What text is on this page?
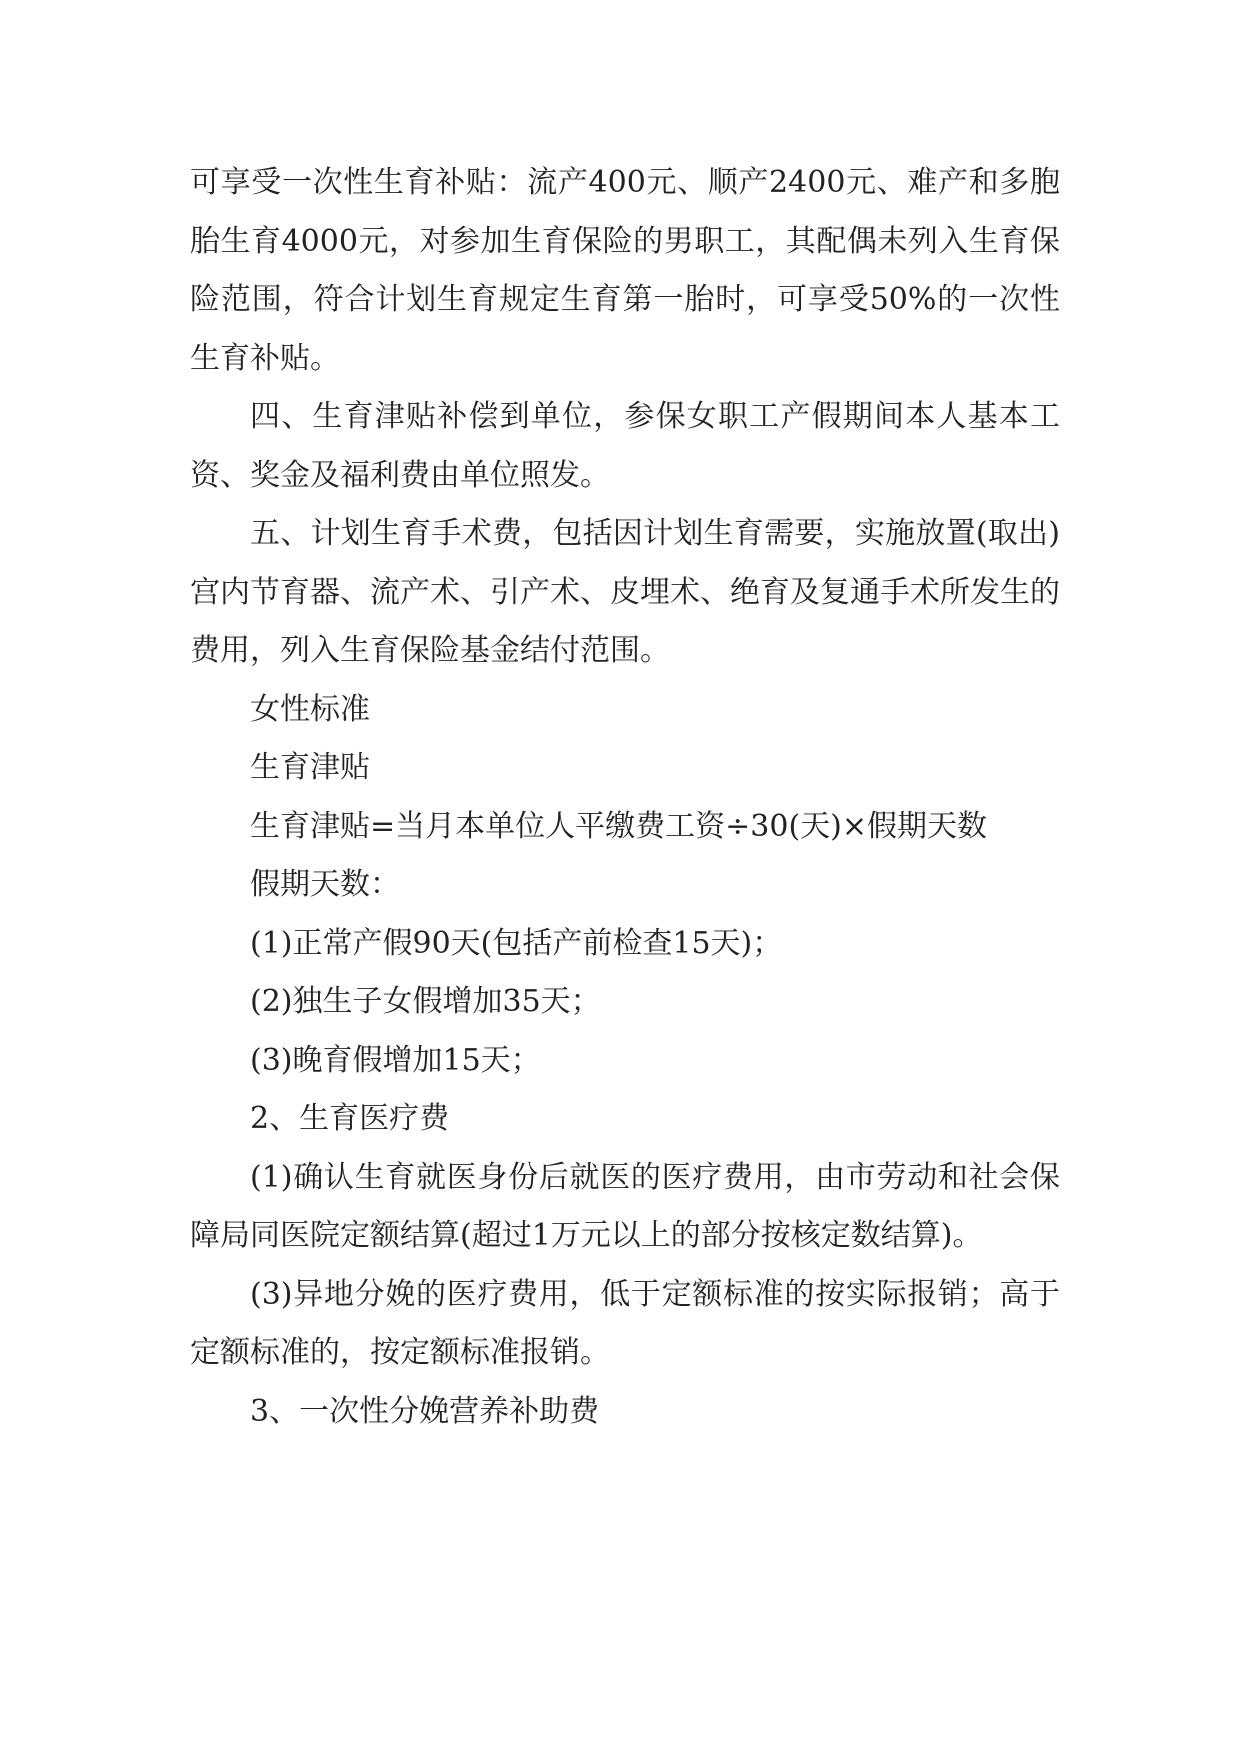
可享受一次性生育补贴：流产400元、顺产2400元、难产和多胞胎生育4000元，对参加生育保险的男职工，其配偶未列入生育保险范围，符合计划生育规定生育第一胎时，可享受50%的一次性生育补贴。

四、生育津贴补偿到单位，参保女职工产假期间本人基本工资、奖金及福利费由单位照发。

五、计划生育手术费，包括因计划生育需要，实施放置(取出)宫内节育器、流产术、引产术、皮埋术、绝育及复通手术所发生的费用，列入生育保险基金结付范围。

女性标准

生育津贴

生育津贴=当月本单位人平缴费工资÷30(天)×假期天数

假期天数：

(1)正常产假90天(包括产前检查15天)；

(2)独生子女假增加35天；

(3)晚育假增加15天；

2、生育医疗费

(1)确认生育就医身份后就医的医疗费用，由市劳动和社会保障局同医院定额结算(超过1万元以上的部分按核定数结算)。

(3)异地分娩的医疗费用，低于定额标准的按实际报销；高于定额标准的，按定额标准报销。

3、一次性分娩营养补助费
